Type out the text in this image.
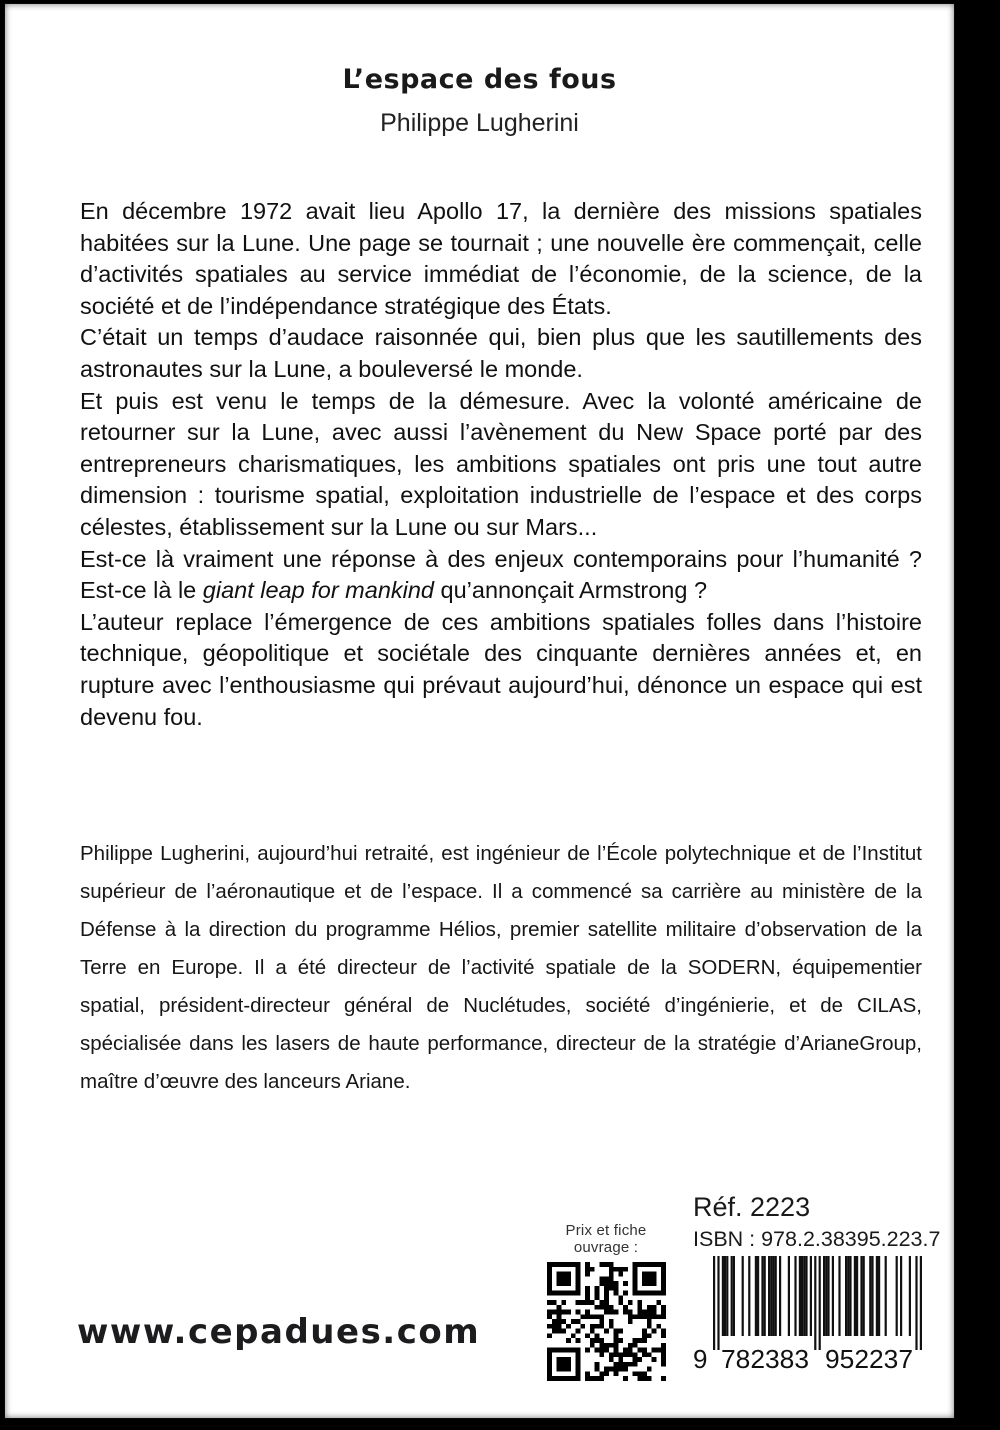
L’espace des fous
Philippe Lugherini

En décembre 1972 avait lieu Apollo 17, la dernière des missions spatiales habitées sur la Lune. Une page se tournait ; une nouvelle ère commençait, celle d’activités spatiales au service immédiat de l’économie, de la science, de la société et de l’indépendance stratégique des États.

C’était un temps d’audace raisonnée qui, bien plus que les sautillements des astronautes sur la Lune, a bouleversé le monde.

Et puis est venu le temps de la démesure. Avec la volonté américaine de retourner sur la Lune, avec aussi l’avènement du New Space porté par des entrepreneurs charismatiques, les ambitions spatiales ont pris une tout autre dimension : tourisme spatial, exploitation industrielle de l’espace et des corps célestes, établissement sur la Lune ou sur Mars...

Est-ce là vraiment une réponse à des enjeux contemporains pour l’humanité ? Est-ce là le giant leap for mankind qu’annonçait Armstrong ?

L’auteur replace l’émergence de ces ambitions spatiales folles dans l’histoire technique, géopolitique et sociétale des cinquante dernières années et, en rupture avec l’enthousiasme qui prévaut aujourd’hui, dénonce un espace qui est devenu fou.

Philippe Lugherini, aujourd’hui retraité, est ingénieur de l’École polytechnique et de l’Institut supérieur de l’aéronautique et de l’espace. Il a commencé sa carrière au ministère de la Défense à la direction du programme Hélios, premier satellite militaire d’observation de la Terre en Europe. Il a été directeur de l’activité spatiale de la SODERN, équipementier spatial, président-directeur général de Nuclétudes, société d’ingénierie, et de CILAS, spécialisée dans les lasers de haute performance, directeur de la stratégie d’ArianeGroup, maître d’œuvre des lanceurs Ariane.
www.cepadues.com
Prix et fiche ouvrage :
Réf. 2223
ISBN : 978.2.38395.223.7
9 782383 952237
